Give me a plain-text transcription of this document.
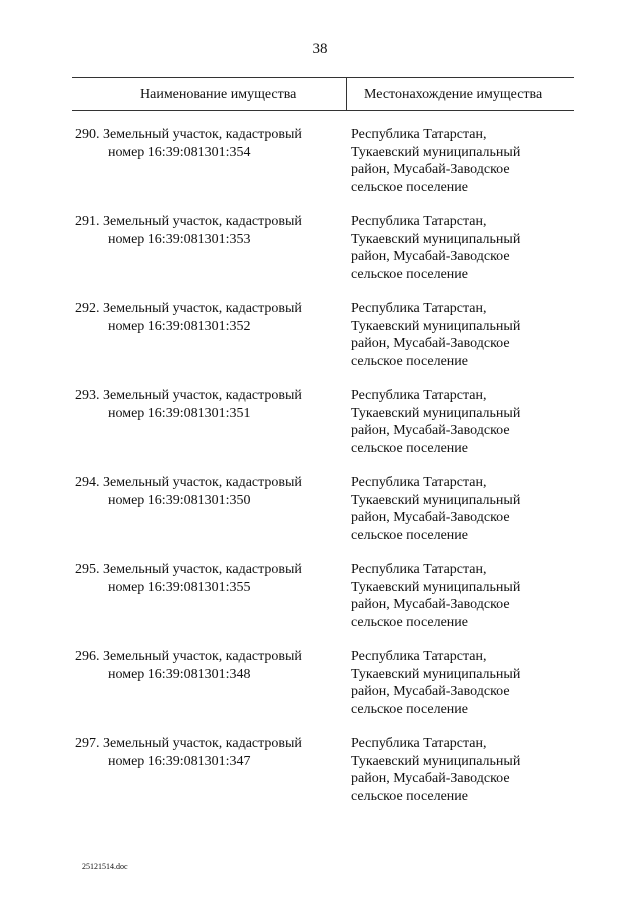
38
Наименование имущества	Местонахождение имущества
290. Земельный участок, кадастровый
номер 16:39:081301:354
Республика Татарстан,
Тукаевский муниципальный
район, Мусабай-Заводское
сельское поселение
291. Земельный участок, кадастровый
номер 16:39:081301:353
Республика Татарстан,
Тукаевский муниципальный
район, Мусабай-Заводское
сельское поселение
292. Земельный участок, кадастровый
номер 16:39:081301:352
Республика Татарстан,
Тукаевский муниципальный
район, Мусабай-Заводское
сельское поселение
293. Земельный участок, кадастровый
номер 16:39:081301:351
Республика Татарстан,
Тукаевский муниципальный
район, Мусабай-Заводское
сельское поселение
294. Земельный участок, кадастровый
номер 16:39:081301:350
Республика Татарстан,
Тукаевский муниципальный
район, Мусабай-Заводское
сельское поселение
295. Земельный участок, кадастровый
номер 16:39:081301:355
Республика Татарстан,
Тукаевский муниципальный
район, Мусабай-Заводское
сельское поселение
296. Земельный участок, кадастровый
номер 16:39:081301:348
Республика Татарстан,
Тукаевский муниципальный
район, Мусабай-Заводское
сельское поселение
297. Земельный участок, кадастровый
номер 16:39:081301:347
Республика Татарстан,
Тукаевский муниципальный
район, Мусабай-Заводское
сельское поселение
25121514.doc
